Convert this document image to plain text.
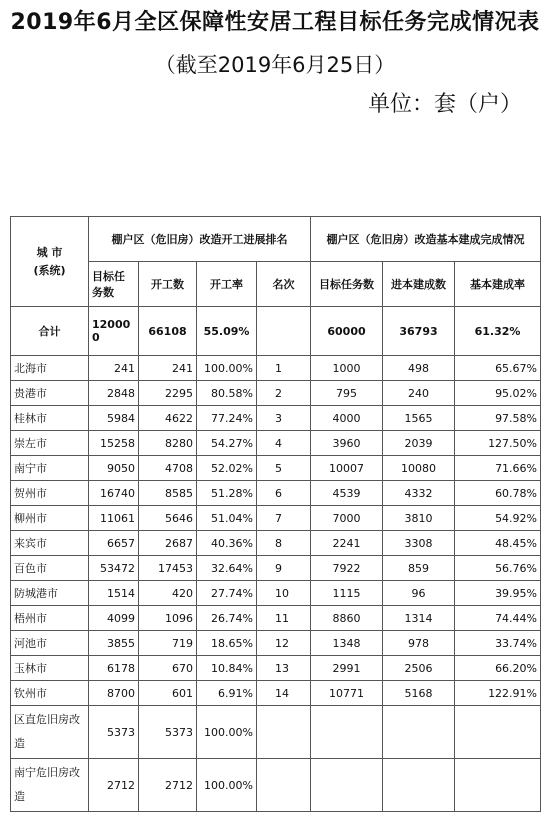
2019年6月全区保障性安居工程目标任务完成情况表
（截至2019年6月25日）
单位：套（户）
城 市
(系统)	棚户区（危旧房）改造开工进展排名				棚户区（危旧房）改造基本建成完成情况		
	目标任务数	开工数	开工率	名次	目标任务数	进本建成数	基本建成率
合计	120000	66108	55.09%		60000	36793	61.32%
北海市	241	241	100.00%	1	1000	498	65.67%
贵港市	2848	2295	80.58%	2	795	240	95.02%
桂林市	5984	4622	77.24%	3	4000	1565	97.58%
崇左市	15258	8280	54.27%	4	3960	2039	127.50%
南宁市	9050	4708	52.02%	5	10007	10080	71.66%
贺州市	16740	8585	51.28%	6	4539	4332	60.78%
柳州市	11061	5646	51.04%	7	7000	3810	54.92%
来宾市	6657	2687	40.36%	8	2241	3308	48.45%
百色市	53472	17453	32.64%	9	7922	859	56.76%
防城港市	1514	420	27.74%	10	1115	96	39.95%
梧州市	4099	1096	26.74%	11	8860	1314	74.44%
河池市	3855	719	18.65%	12	1348	978	33.74%
玉林市	6178	670	10.84%	13	2991	2506	66.20%
钦州市	8700	601	6.91%	14	10771	5168	122.91%
区直危旧房改造	5373	5373	100.00%				
南宁危旧房改造	2712	2712	100.00%				
